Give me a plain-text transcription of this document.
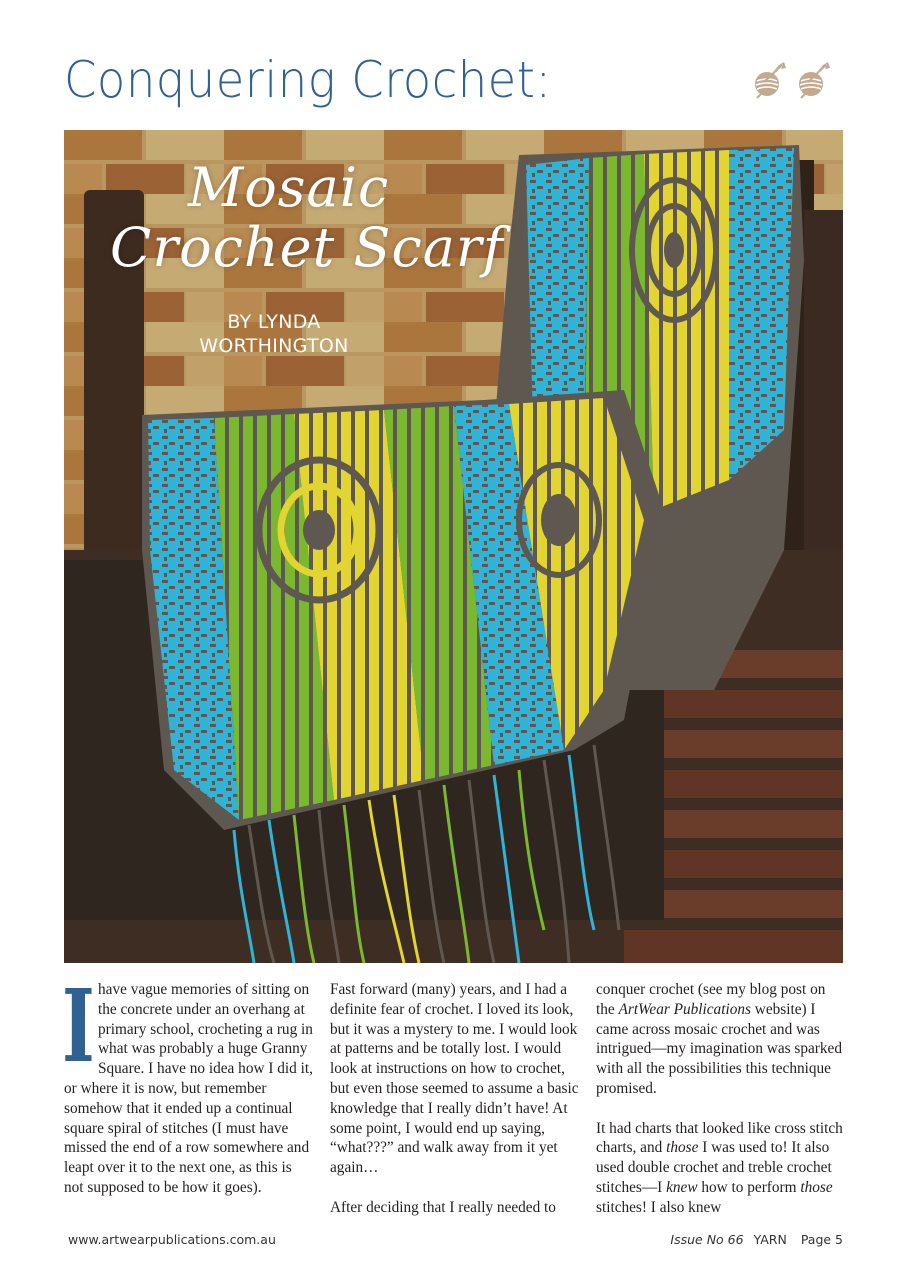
Conquering Crochet:
Mosaic
Crochet Scarf
BY LYNDA
WORTHINGTON

Ihave vague memories of sitting on the concrete under an overhang at primary school, crocheting a rug in what was probably a huge Granny Square. I have no idea how I did it, or where it is now, but remember somehow that it ended up a continual square spiral of stitches (I must have missed the end of a row somewhere and leapt over it to the next one, as this is not supposed to be how it goes).

Fast forward (many) years, and I had a definite fear of crochet. I loved its look, but it was a mystery to me. I would look at patterns and be totally lost. I would look at instructions on how to crochet, but even those seemed to assume a basic knowledge that I really didn’t have! At some point, I would end up saying, “what???” and walk away from it yet again…

After deciding that I really needed to

conquer crochet (see my blog post on the ArtWear Publications website) I came across mosaic crochet and was intrigued—my imagination was sparked with all the possibilities this technique promised.

It had charts that looked like cross stitch charts, and those I was used to! It also used double crochet and treble crochet stitches—I knew how to perform those stitches! I also knew

www.artwearpublications.com.au	Issue No 66 YARN Page 5
